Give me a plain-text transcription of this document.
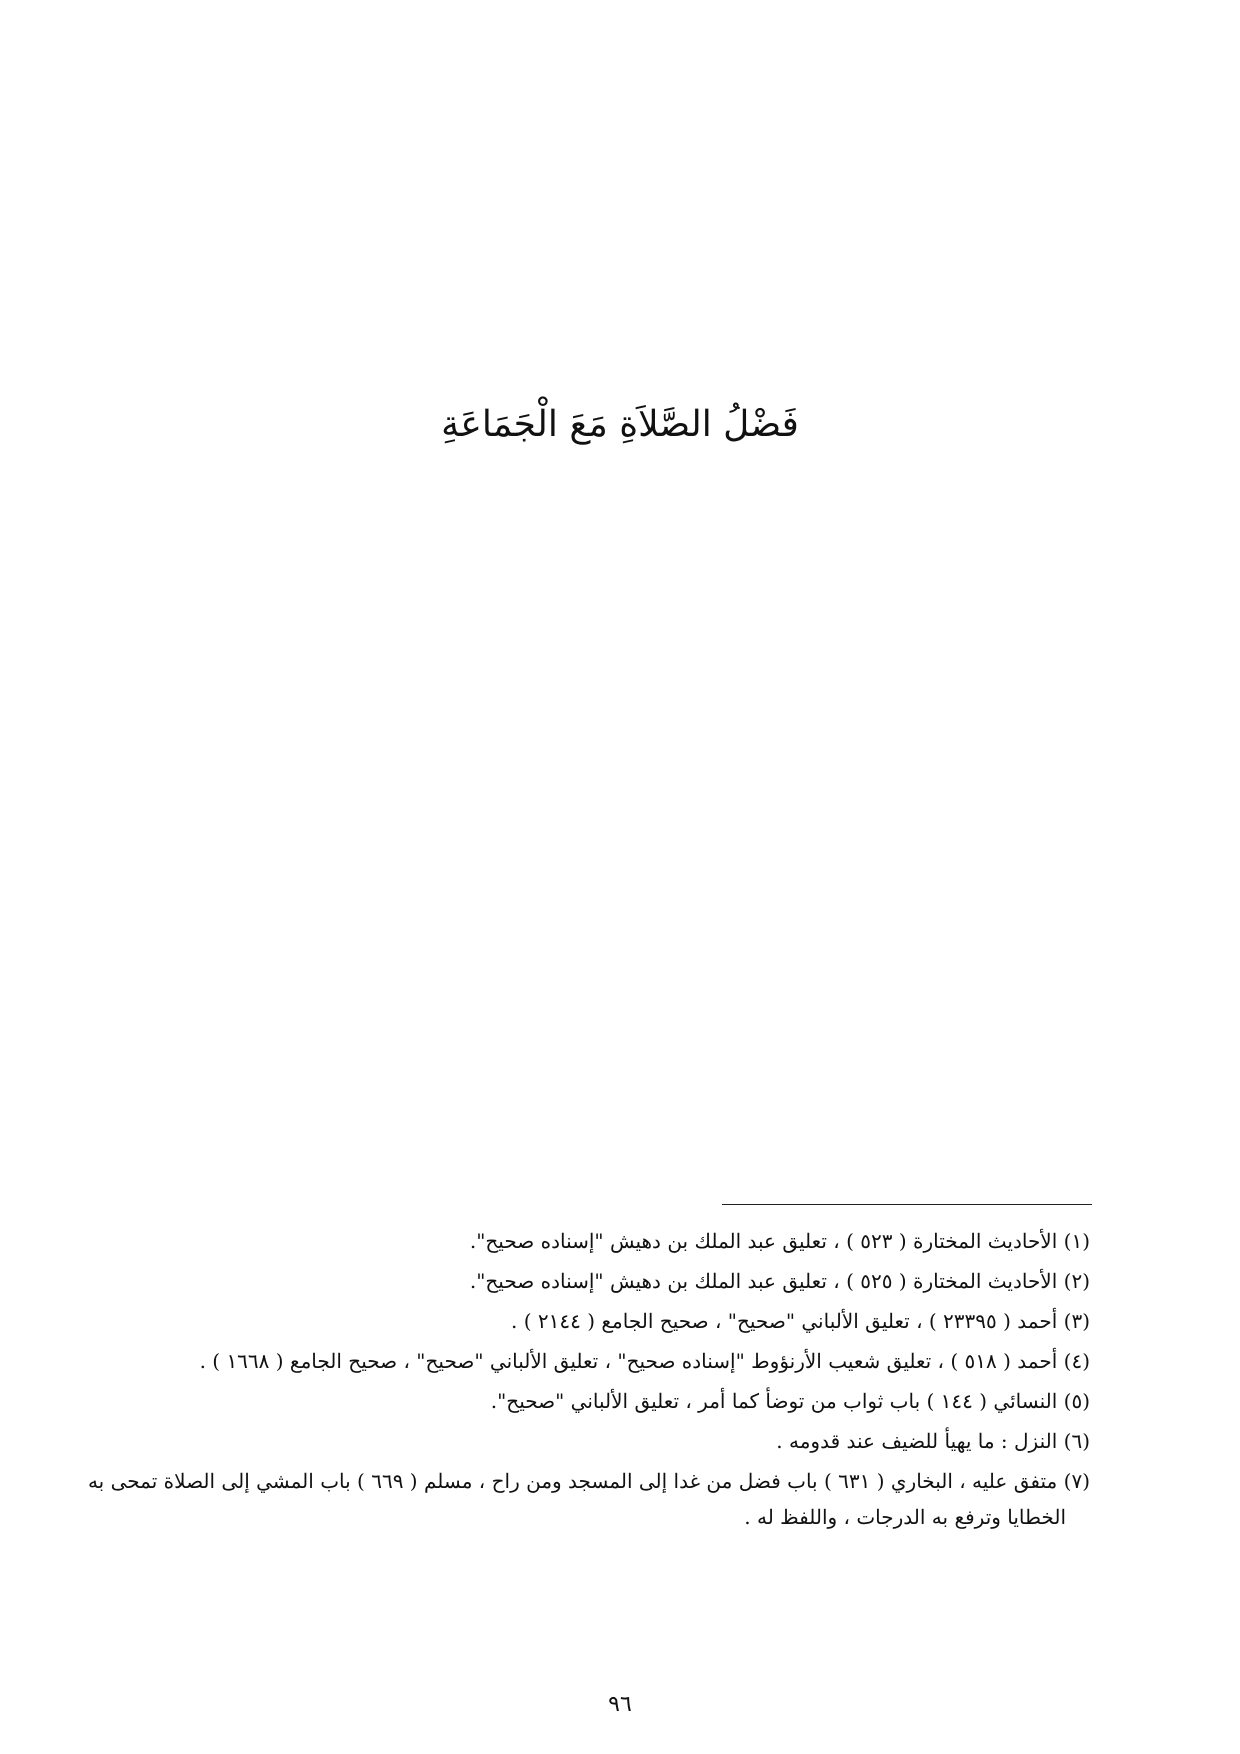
فَضْلُ الصَّلاَةِ مَعَ الْجَمَاعَةِ
(١) الأحاديث المختارة ( ٥٢٣ ) ، تعليق عبد الملك بن دهيش "إسناده صحيح".
(٢) الأحاديث المختارة ( ٥٢٥ ) ، تعليق عبد الملك بن دهيش "إسناده صحيح".
(٣) أحمد ( ٢٣٣٩٥ ) ، تعليق الألباني "صحيح" ، صحيح الجامع ( ٢١٤٤ ) .
(٤) أحمد ( ٥١٨ ) ، تعليق شعيب الأرنؤوط "إسناده صحيح" ، تعليق الألباني "صحيح" ، صحيح الجامع ( ١٦٦٨ ) .
(٥) النسائي ( ١٤٤ ) باب ثواب من توضأ كما أمر ، تعليق الألباني "صحيح".
(٦) النزل : ما يهيأ للضيف عند قدومه .
(٧) متفق عليه ، البخاري ( ٦٣١ ) باب فضل من غدا إلى المسجد ومن راح ، مسلم ( ٦٦٩ ) باب المشي إلى الصلاة تمحى به
الخطايا وترفع به الدرجات ، واللفظ له .
٩٦
